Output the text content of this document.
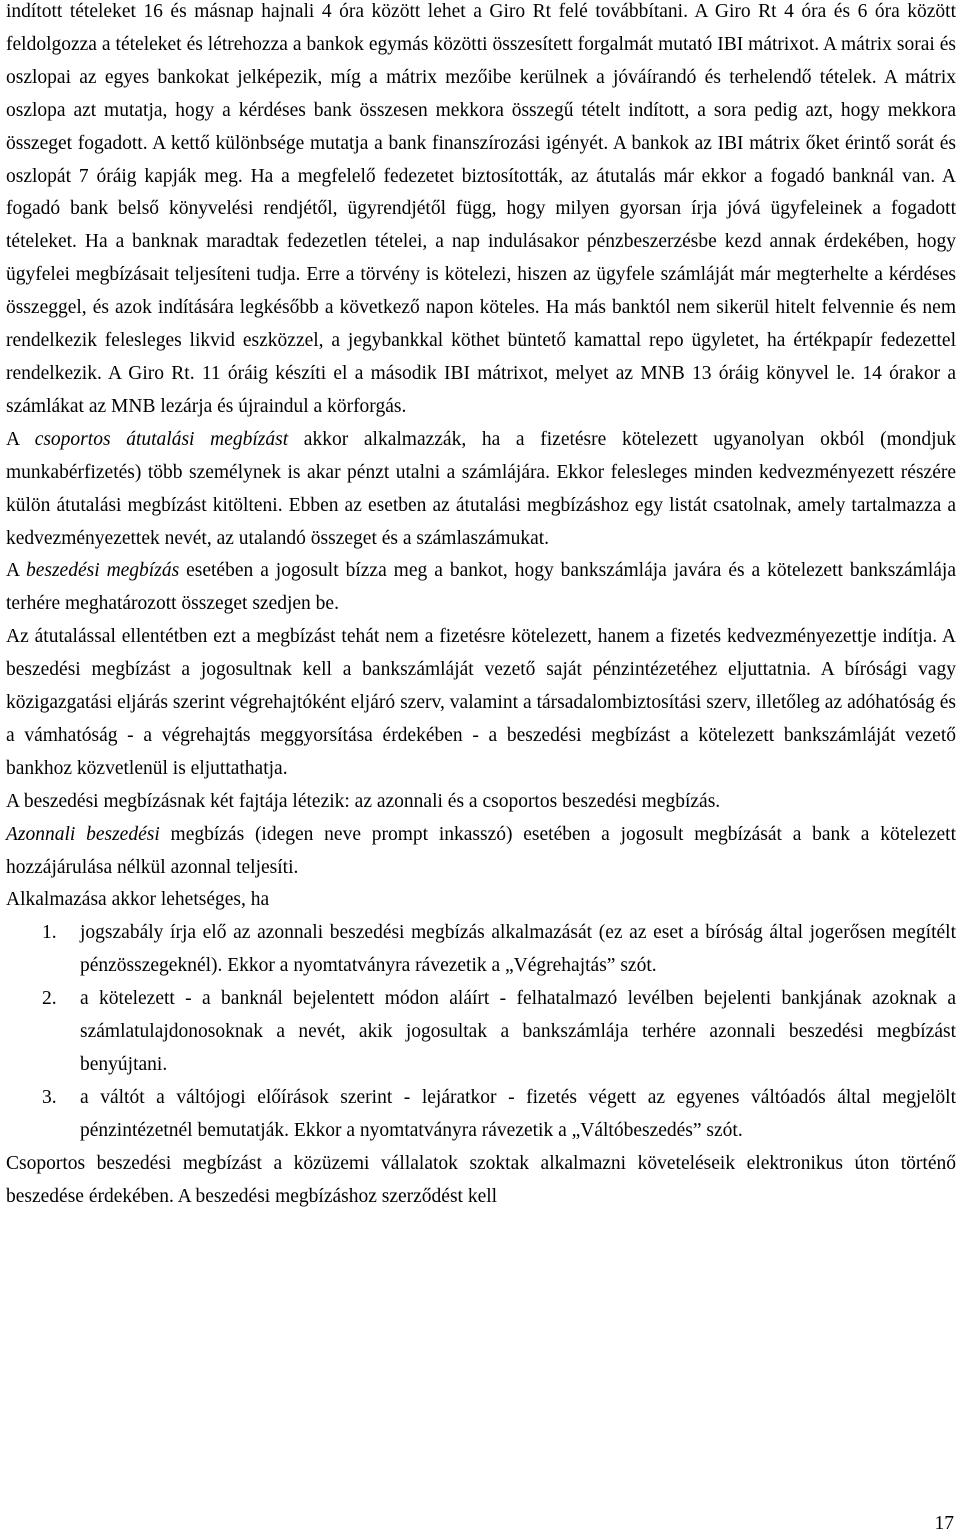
indított tételeket 16 és másnap hajnali 4 óra között lehet a Giro Rt felé továbbítani. A Giro Rt 4 óra és 6 óra között feldolgozza a tételeket és létrehozza a bankok egymás közötti összesített forgalmát mutató IBI mátrixot. A mátrix sorai és oszlopai az egyes bankokat jelképezik, míg a mátrix mezőibe kerülnek a jóváírandó és terhelendő tételek. A mátrix oszlopa azt mutatja, hogy a kérdéses bank összesen mekkora összegű tételt indított, a sora pedig azt, hogy mekkora összeget fogadott. A kettő különbsége mutatja a bank finanszírozási igényét. A bankok az IBI mátrix őket érintő sorát és oszlopát 7 óráig kapják meg. Ha a megfelelő fedezetet biztosították, az átutalás már ekkor a fogadó banknál van. A fogadó bank belső könyvelési rendjétől, ügyrendjétől függ, hogy milyen gyorsan írja jóvá ügyfeleinek a fogadott tételeket. Ha a banknak maradtak fedezetlen tételei, a nap indulásakor pénzbeszerzésbe kezd annak érdekében, hogy ügyfelei megbízásait teljesíteni tudja. Erre a törvény is kötelezi, hiszen az ügyfele számláját már megterhelte a kérdéses összeggel, és azok indítására legkésőbb a következő napon köteles. Ha más banktól nem sikerül hitelt felvennie és nem rendelkezik felesleges likvid eszközzel, a jegybankkal köthet büntető kamattal repo ügyletet, ha értékpapír fedezettel rendelkezik. A Giro Rt. 11 óráig készíti el a második IBI mátrixot, melyet az MNB 13 óráig könyvel le. 14 órakor a számlákat az MNB lezárja és újraindul a körforgás.

A csoportos átutalási megbízást akkor alkalmazzák, ha a fizetésre kötelezett ugyanolyan okból (mondjuk munkabérfizetés) több személynek is akar pénzt utalni a számlájára. Ekkor felesleges minden kedvezményezett részére külön átutalási megbízást kitölteni. Ebben az esetben az átutalási megbízáshoz egy listát csatolnak, amely tartalmazza a kedvezményezettek nevét, az utalandó összeget és a számlaszámukat.

A beszedési megbízás esetében a jogosult bízza meg a bankot, hogy bankszámlája javára és a kötelezett bankszámlája terhére meghatározott összeget szedjen be.

Az átutalással ellentétben ezt a megbízást tehát nem a fizetésre kötelezett, hanem a fizetés kedvezményezettje indítja. A beszedési megbízást a jogosultnak kell a bankszámláját vezető saját pénzintézetéhez eljuttatnia. A bírósági vagy közigazgatási eljárás szerint végrehajtóként eljáró szerv, valamint a társadalombiztosítási szerv, illetőleg az adóhatóság és a vámhatóság - a végrehajtás meggyorsítása érdekében - a beszedési megbízást a kötelezett bankszámláját vezető bankhoz közvetlenül is eljuttathatja.

A beszedési megbízásnak két fajtája létezik: az azonnali és a csoportos beszedési megbízás.

Azonnali beszedési megbízás (idegen neve prompt inkasszó) esetében a jogosult megbízását a bank a kötelezett hozzájárulása nélkül azonnal teljesíti.

Alkalmazása akkor lehetséges, ha

1. jogszabály írja elő az azonnali beszedési megbízás alkalmazását (ez az eset a bíróság által jogerősen megítélt pénzösszegeknél). Ekkor a nyomtatványra rávezetik a „Végrehajtás” szót.
2. a kötelezett - a banknál bejelentett módon aláírt - felhatalmazó levélben bejelenti bankjának azoknak a számlatulajdonosoknak a nevét, akik jogosultak a bankszámlája terhére azonnali beszedési megbízást benyújtani.
3. a váltót a váltójogi előírások szerint - lejáratkor - fizetés végett az egyenes váltóadós által megjelölt pénzintézetnél bemutatják. Ekkor a nyomtatványra rávezetik a „Váltóbeszedés” szót.

Csoportos beszedési megbízást a közüzemi vállalatok szoktak alkalmazni követeléseik elektronikus úton történő beszedése érdekében. A beszedési megbízáshoz szerződést kell

17
